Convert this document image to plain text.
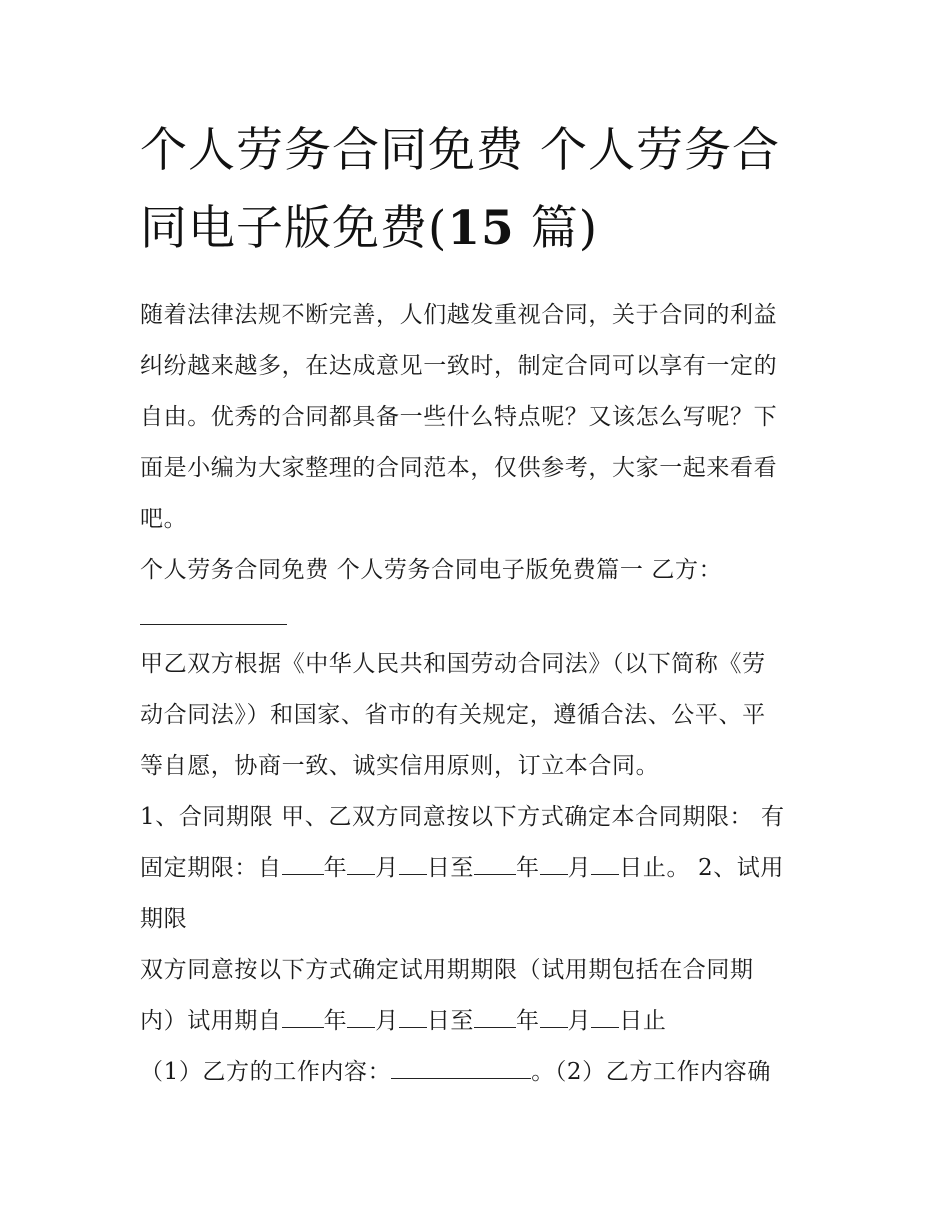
个人劳务合同免费 个人劳务合
同电子版免费(15 篇)

随着法律法规不断完善，人们越发重视合同，关于合同的利益
纠纷越来越多，在达成意见一致时，制定合同可以享有一定的
自由。优秀的合同都具备一些什么特点呢？又该怎么写呢？下
面是小编为大家整理的合同范本，仅供参考，大家一起来看看
吧。

个人劳务合同免费 个人劳务合同电子版免费篇一 乙方：

甲乙双方根据《中华人民共和国劳动合同法》（以下简称《劳
动合同法》）和国家、省市的有关规定，遵循合法、公平、平
等自愿，协商一致、诚实信用原则，订立本合同。

1、合同期限 甲、乙双方同意按以下方式确定本合同期限： 有
固定期限：自 年 月 日至 年 月 日止。 2、试用
期限

双方同意按以下方式确定试用期期限（试用期包括在合同期
内）试用期自 年 月 日至 年 月 日止

（1）乙方的工作内容：	。（2）乙方工作内容确
